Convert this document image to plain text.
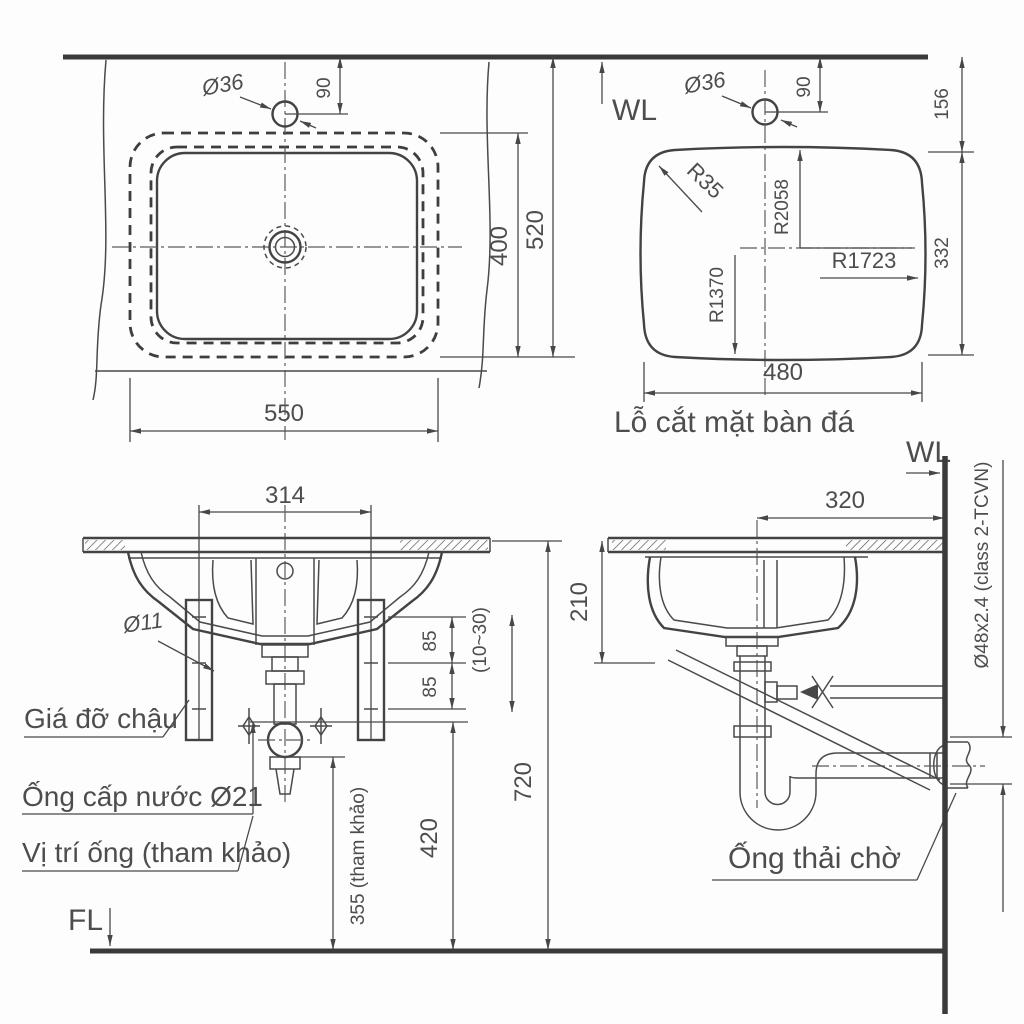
Ø36	90
550
400 520
WL
Ø36	90
R35 R2058
R1723
R1370
156
332
480
Lỗ cắt mặt bàn đá
314
Ø11
85
85
(10~30)
420
355 (tham khảo)
720
Giá đỡ chậu
Ống cấp nước Ø21
Vị trí ống (tham khảo)
FL
WL
320
210	Ø48x2.4 (class 2-TCVN)
Ống thải chờ
